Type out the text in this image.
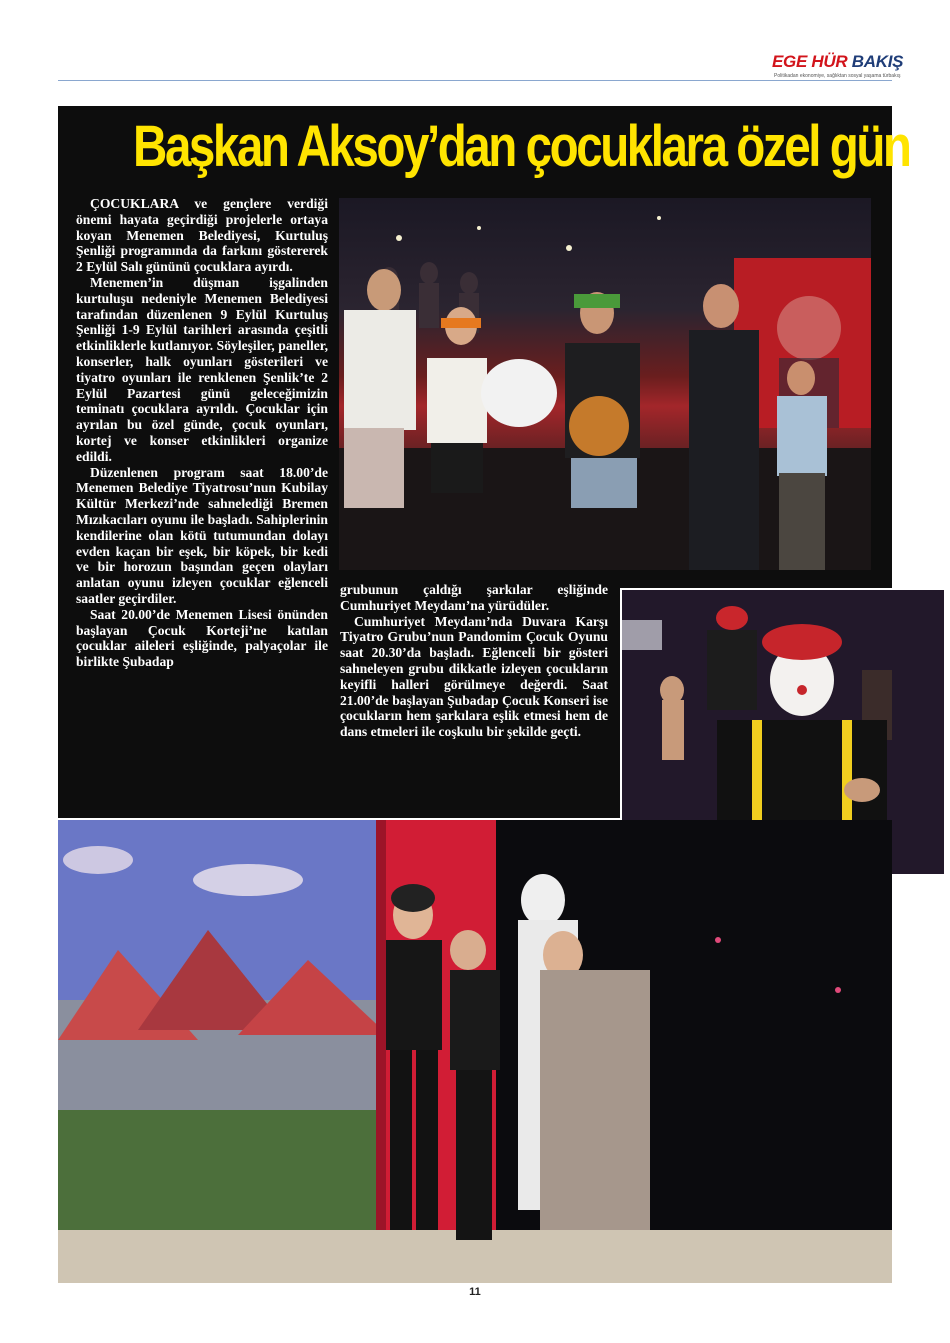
EGE HÜR BAKIŞ
Politikadan ekonomiye, sağlıktan sosyal yaşama türbakış
Başkan Aksoy’dan çocuklara özel gün

ÇOCUKLARA ve gençlere verdiği önemi hayata geçirdiği projelerle ortaya koyan Menemen Belediyesi, Kurtuluş Şenliği programında da farkını göstererek 2 Eylül Salı gününü çocuklara ayırdı.

Menemen’in düşman işgalinden kurtuluşu nedeniyle Menemen Belediyesi tarafından düzenlenen 9 Eylül Kurtuluş Şenliği 1-9 Eylül tarihleri arasında çeşitli etkinliklerle kutlanıyor. Söyleşiler, paneller, konserler, halk oyunları gösterileri ve tiyatro oyunları ile renklenen Şenlik’te 2 Eylül Pazartesi günü geleceğimizin teminatı çocuklara ayrıldı. Çocuklar için ayrılan bu özel günde, çocuk oyunları, kortej ve konser etkinlikleri organize edildi.

Düzenlenen program saat 18.00’de Menemen Belediye Tiyatrosu’nun Kubilay Kültür Merkezi’nde sahnelediği Bremen Mızıkacıları oyunu ile başladı. Sahiplerinin kendilerine olan kötü tutumundan dolayı evden kaçan bir eşek, bir köpek, bir kedi ve bir horozun başından geçen olayları anlatan oyunu izleyen çocuklar eğlenceli saatler geçirdiler.

Saat 20.00’de Menemen Lisesi önünden başlayan Çocuk Korteji’ne katılan çocuklar aileleri eşliğinde, palyaçolar ile birlikte Şubadap

grubunun çaldığı şarkılar eşliğinde Cumhuriyet Meydanı’na yürüdüler.

Cumhuriyet Meydanı’nda Duvara Karşı Tiyatro Grubu’nun Pandomim Çocuk Oyunu saat 20.30’da başladı. Eğlenceli bir gösteri sahneleyen grubu dikkatle izleyen çocukların keyifli halleri görülmeye değerdi. Saat 21.00’de başlayan Şubadap Çocuk Konseri ise çocukların hem şarkılara eşlik etmesi hem de dans etmeleri ile coşkulu bir şekilde geçti.

11
